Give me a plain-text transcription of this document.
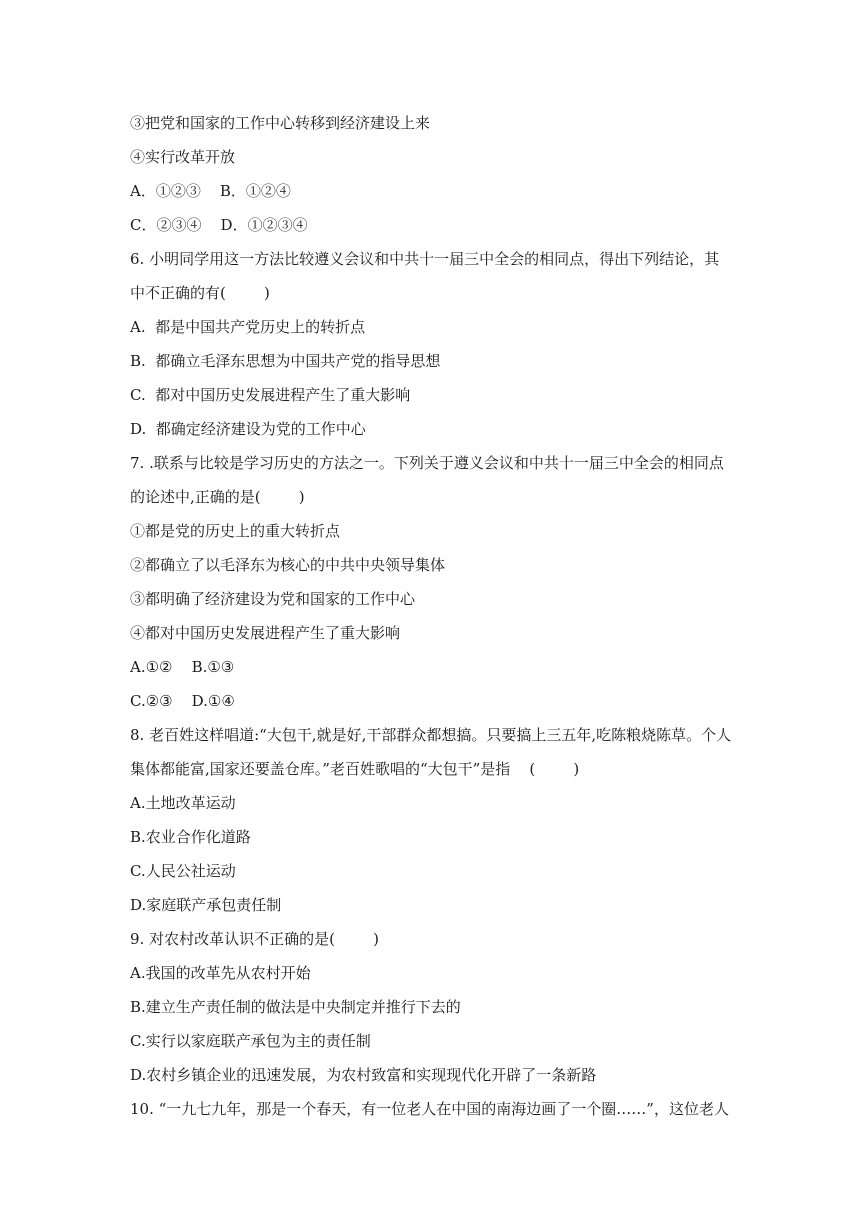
③把党和国家的工作中心转移到经济建设上来

④实行改革开放

A．①②③    B．①②④

C．②③④    D．①②③④

6. 小明同学用这一方法比较遵义会议和中共十一届三中全会的相同点，得出下列结论，其

中不正确的有(        )

A.  都是中国共产党历史上的转折点

B.  都确立毛泽东思想为中国共产党的指导思想

C.  都对中国历史发展进程产生了重大影响

D.  都确定经济建设为党的工作中心

7. .联系与比较是学习历史的方法之一。下列关于遵义会议和中共十一届三中全会的相同点

的论述中,正确的是(        )

①都是党的历史上的重大转折点

②都确立了以毛泽东为核心的中共中央领导集体

③都明确了经济建设为党和国家的工作中心

④都对中国历史发展进程产生了重大影响

A.①②    B.①③

C.②③    D.①④

8. 老百姓这样唱道:“大包干,就是好,干部群众都想搞。只要搞上三五年,吃陈粮烧陈草。个人

集体都能富,国家还要盖仓库。”老百姓歌唱的“大包干”是指    (        )

A.土地改革运动

B.农业合作化道路

C.人民公社运动

D.家庭联产承包责任制

9. 对农村改革认识不正确的是(        )

A.我国的改革先从农村开始

B.建立生产责任制的做法是中央制定并推行下去的

C.实行以家庭联产承包为主的责任制

D.农村乡镇企业的迅速发展，为农村致富和实现现代化开辟了一条新路

10. “一九七九年，那是一个春天，有一位老人在中国的南海边画了一个圈……”，这位老人
